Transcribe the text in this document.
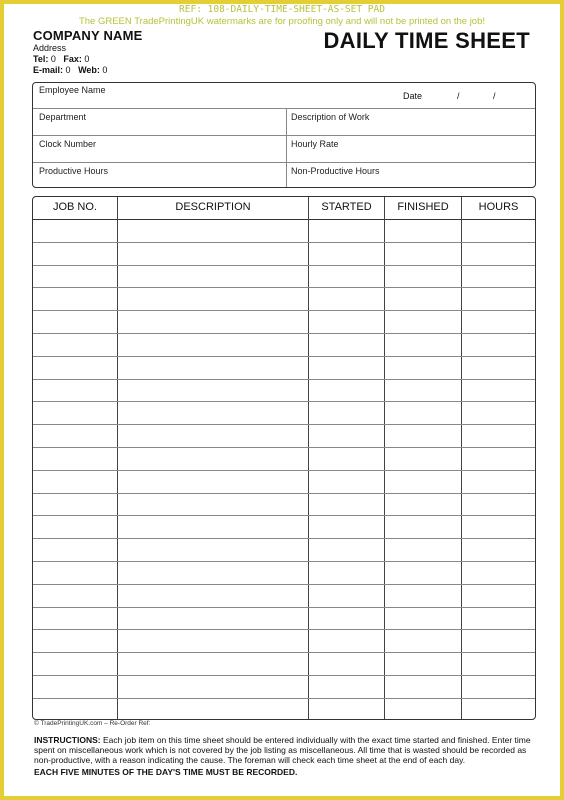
REF: 108-DAILY-TIME-SHEET-AS-SET PAD
The GREEN TradePrintingUK watermarks are for proofing only and will not be printed on the job!
COMPANY NAME
Address
Tel: 0 Fax: 0
E-mail: 0 Web: 0
DAILY TIME SHEET
Employee Name
Date	/	/
Department	Description of Work
Clock Number	Hourly Rate
Productive Hours	Non-Productive Hours
JOB NO.	DESCRIPTION	STARTED	FINISHED	HOURS
© TradePrintingUK.com – Re-Order Ref:
INSTRUCTIONS: Each job item on this time sheet should be entered individually with the exact time started and finished. Enter time spent on miscellaneous work which is not covered by the job listing as miscellaneous. All time that is wasted should be recorded as non-productive, with a reason indicating the cause. The foreman will check each time sheet at the end of each day.
EACH FIVE MINUTES OF THE DAY'S TIME MUST BE RECORDED.
